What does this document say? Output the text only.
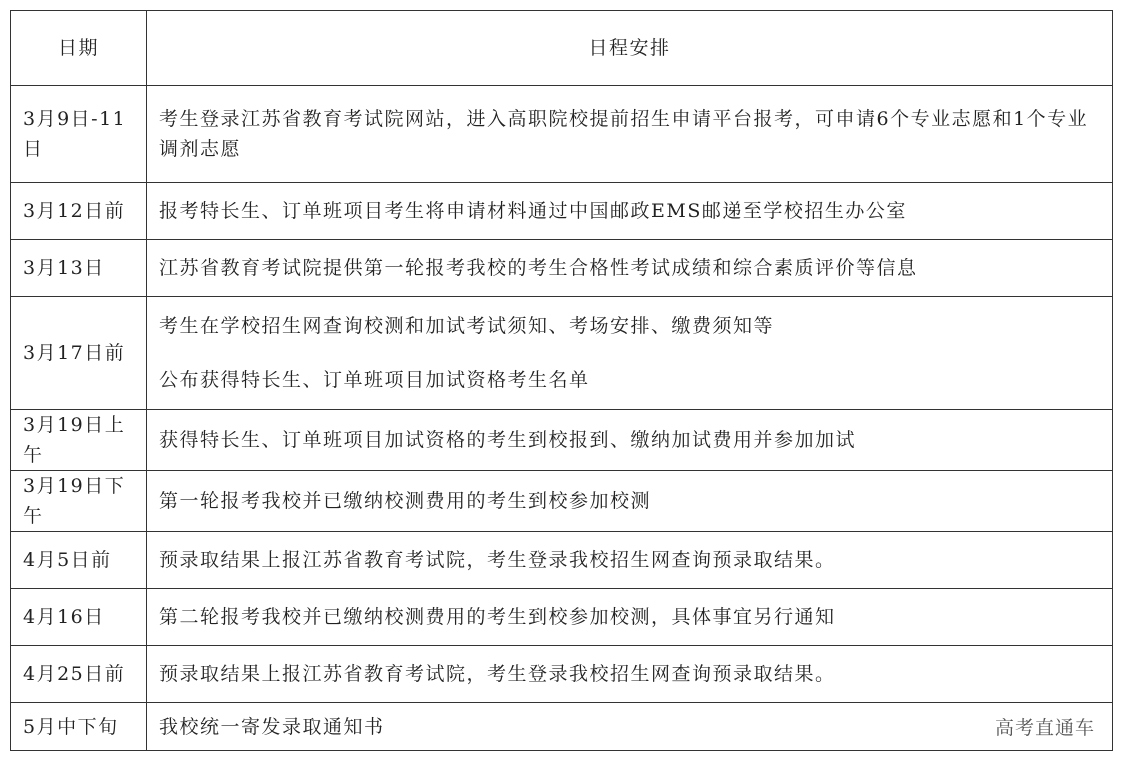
日期	日程安排
3月9日-11日	考生登录江苏省教育考试院网站，进入高职院校提前招生申请平台报考，可申请6个专业志愿和1个专业调剂志愿

3月12日前	报考特长生、订单班项目考生将申请材料通过中国邮政EMS邮递至学校招生办公室

3月13日	江苏省教育考试院提供第一轮报考我校的考生合格性考试成绩和综合素质评价等信息

3月17日前	考生在学校招生网查询校测和加试考试须知、考场安排、缴费须知等
公布获得特长生、订单班项目加试资格考生名单

3月19日上午	获得特长生、订单班项目加试资格的考生到校报到、缴纳加试费用并参加加试

3月19日下午	第一轮报考我校并已缴纳校测费用的考生到校参加校测

4月5日前	预录取结果上报江苏省教育考试院，考生登录我校招生网查询预录取结果。

4月16日	第二轮报考我校并已缴纳校测费用的考生到校参加校测，具体事宜另行通知

4月25日前	预录取结果上报江苏省教育考试院，考生登录我校招生网查询预录取结果。

5月中下旬	我校统一寄发录取通知书	高考直通车
